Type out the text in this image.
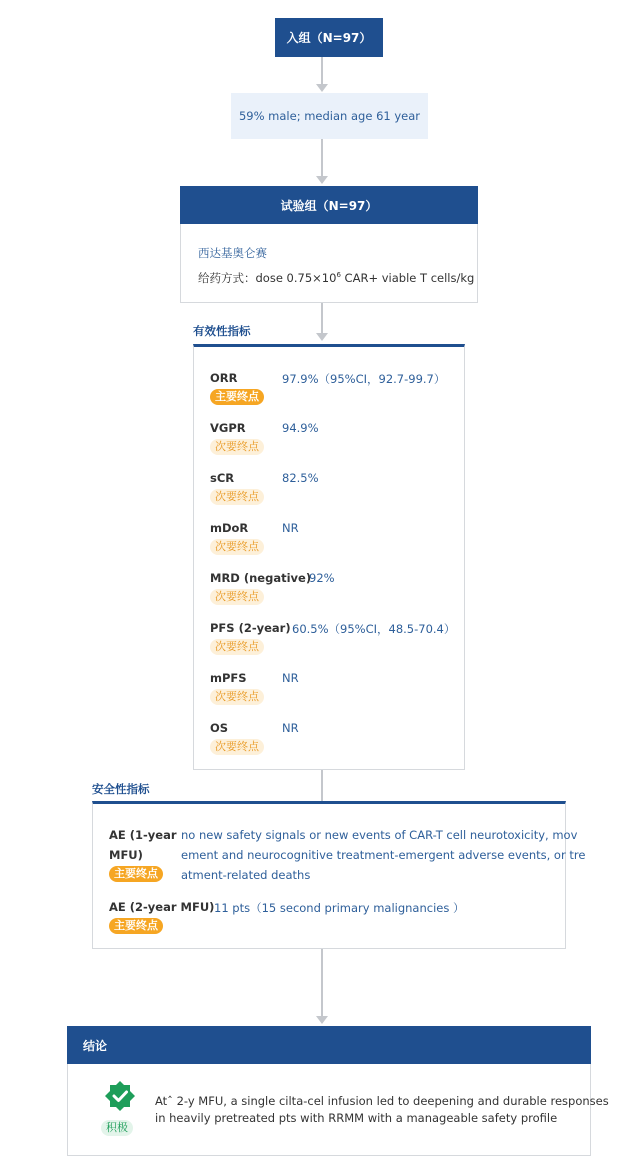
入组（N=97）
59% male; median age 61 year
试验组（N=97）
西达基奥仑赛
给药方式：dose $0.75\times 10^6$ CAR+ viable T cells/kg
有效性指标
ORR	97.9%（95%CI，92.7-99.7）
主要终点
VGPR	94.9%
次要终点
sCR	82.5%
次要终点
mDoR	NR
次要终点
MRD (negative)
92%
次要终点
PFS (2-year) 60.5%（95%CI，48.5-70.4）
次要终点
mPFS	NR
次要终点
OS	NR
次要终点
安全性指标
AE (1-year
MFU)
主要终点
no new safety signals or new events of CAR-T cell neurotoxicity, mov
ement and neurocognitive treatment-emergent adverse events, or tre
atment-related deaths
AE (2-year MFU) 11 pts（15 second primary malignancies ）
主要终点
结论
积极
Atˆ 2-y MFU, a single cilta-cel infusion led to deepening and durable responses
in heavily pretreated pts with RRMM with a manageable safety profile
